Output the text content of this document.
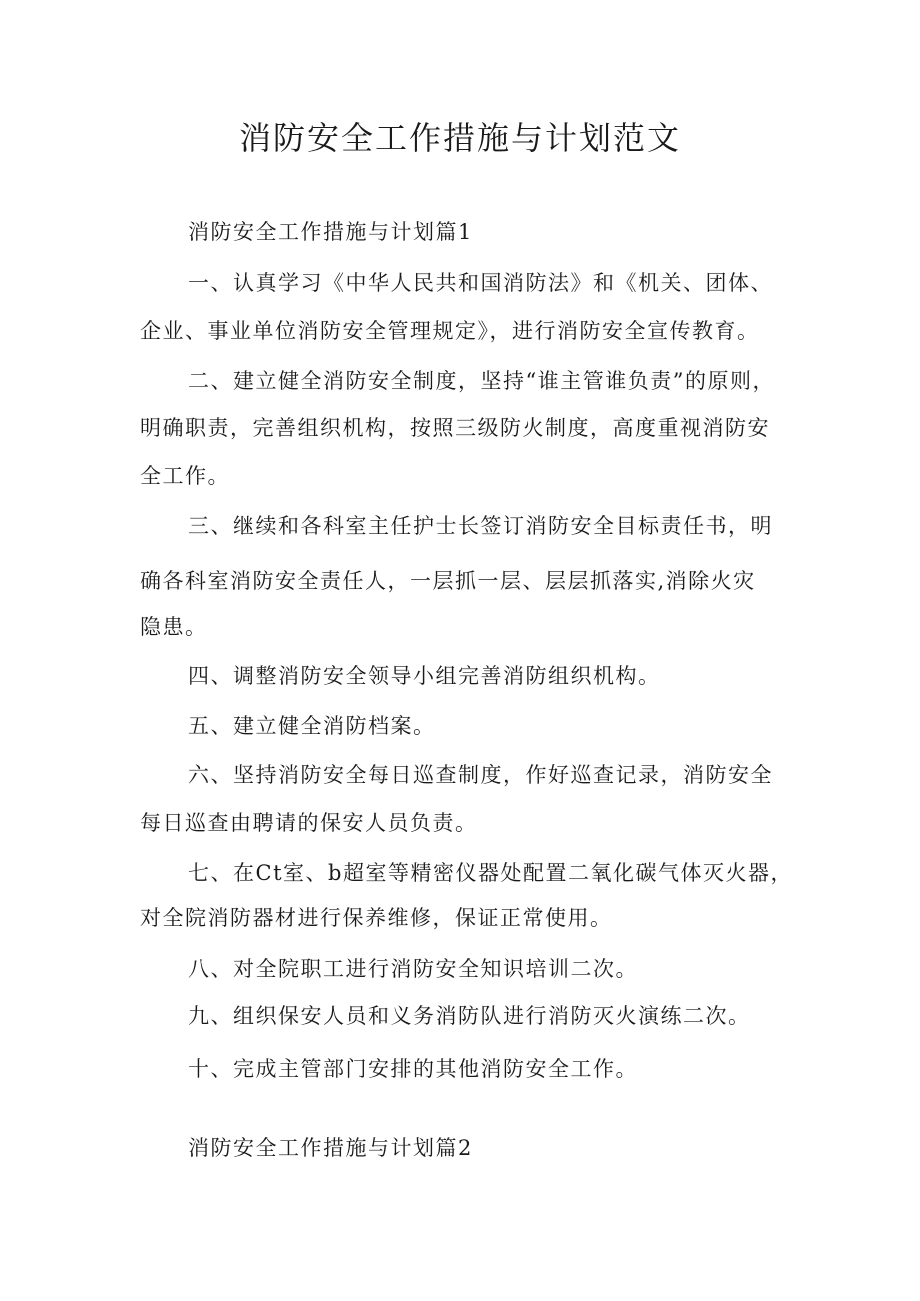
消防安全工作措施与计划范文

消防安全工作措施与计划篇1

一、认真学习《中华人民共和国消防法》和《机关、团体、

企业、事业单位消防安全管理规定》，进行消防安全宣传教育。

二、建立健全消防安全制度，坚持“谁主管谁负责”的原则，

明确职责，完善组织机构，按照三级防火制度，高度重视消防安

全工作。

三、继续和各科室主任护士长签订消防安全目标责任书，明

确各科室消防安全责任人，一层抓一层、层层抓落实,消除火灾

隐患。

四、调整消防安全领导小组完善消防组织机构。

五、建立健全消防档案。

六、坚持消防安全每日巡查制度，作好巡查记录，消防安全

每日巡查由聘请的保安人员负责。

七、在Ct室、b超室等精密仪器处配置二氧化碳气体灭火器，

对全院消防器材进行保养维修，保证正常使用。

八、对全院职工进行消防安全知识培训二次。

九、组织保安人员和义务消防队进行消防灭火演练二次。

十、完成主管部门安排的其他消防安全工作。

消防安全工作措施与计划篇2
